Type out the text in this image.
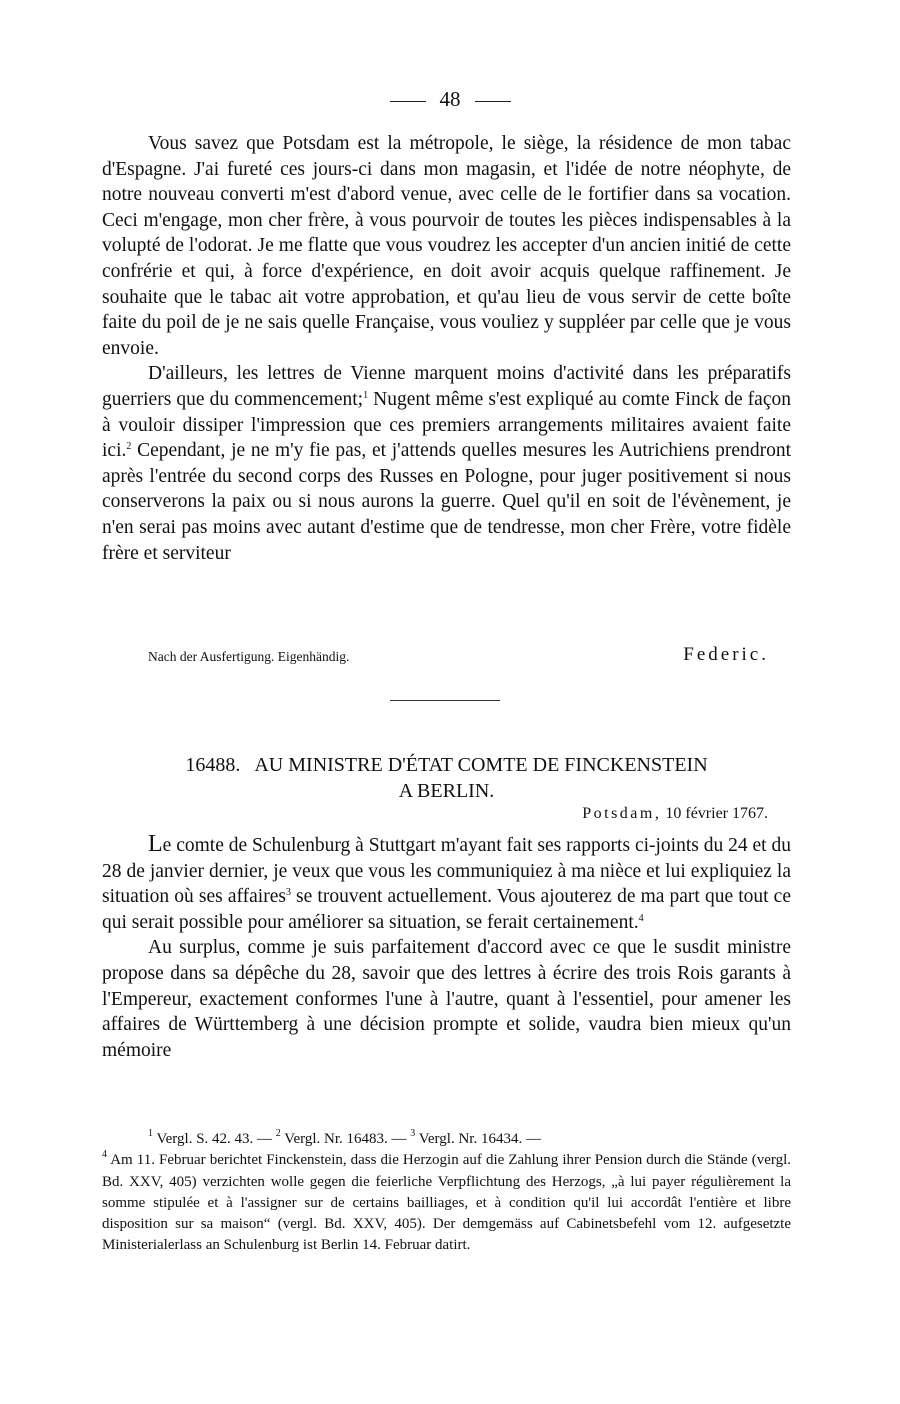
48

Vous savez que Potsdam est la métropole, le siège, la résidence de mon tabac d'Espagne. J'ai fureté ces jours-ci dans mon magasin, et l'idée de notre néophyte, de notre nouveau converti m'est d'abord venue, avec celle de le fortifier dans sa vocation. Ceci m'engage, mon cher frère, à vous pourvoir de toutes les pièces indispensables à la volupté de l'odorat. Je me flatte que vous voudrez les accepter d'un ancien initié de cette confrérie et qui, à force d'expérience, en doit avoir acquis quelque raffinement. Je souhaite que le tabac ait votre approbation, et qu'au lieu de vous servir de cette boîte faite du poil de je ne sais quelle Française, vous vouliez y suppléer par celle que je vous envoie.

D'ailleurs, les lettres de Vienne marquent moins d'activité dans les préparatifs guerriers que du commencement;$^1$ Nugent même s'est expliqué au comte Finck de façon à vouloir dissiper l'impression que ces premiers arrangements militaires avaient faite ici.$^2$ Cependant, je ne m'y fie pas, et j'attends quelles mesures les Autrichiens prendront après l'entrée du second corps des Russes en Pologne, pour juger positivement si nous conserverons la paix ou si nous aurons la guerre. Quel qu'il en soit de l'évènement, je n'en serai pas moins avec autant d'estime que de tendresse, mon cher Frère, votre fidèle frère et serviteur

Nach der Ausfertigung. Eigenhändig.	Federic.
16488. AU MINISTRE D'ÉTAT COMTE DE FINCKENSTEIN
A BERLIN.
Potsdam, 10 février 1767.

Le comte de Schulenburg à Stuttgart m'ayant fait ses rapports ci-joints du 24 et du 28 de janvier dernier, je veux que vous les communiquiez à ma nièce et lui expliquiez la situation où ses affaires$^3$ se trouvent actuellement. Vous ajouterez de ma part que tout ce qui serait possible pour améliorer sa situation, se ferait certainement.$^4$

Au surplus, comme je suis parfaitement d'accord avec ce que le susdit ministre propose dans sa dépêche du 28, savoir que des lettres à écrire des trois Rois garants à l'Empereur, exactement conformes l'une à l'autre, quant à l'essentiel, pour amener les affaires de Württemberg à une décision prompte et solide, vaudra bien mieux qu'un mémoire

$^1$ Vergl. S. 42. 43. — $^2$ Vergl. Nr. 16483. — $^3$ Vergl. Nr. 16434. —

$^4$ Am 11. Februar berichtet Finckenstein, dass die Herzogin auf die Zahlung ihrer Pension durch die Stände (vergl. Bd. XXV, 405) verzichten wolle gegen die feierliche Verpflichtung des Herzogs, „à lui payer régulièrement la somme stipulée et à l'assigner sur de certains bailliages, et à condition qu'il lui accordât l'entière et libre disposition sur sa maison“ (vergl. Bd. XXV, 405). Der demgemäss auf Cabinetsbefehl vom 12. aufgesetzte Ministerialerlass an Schulenburg ist Berlin 14. Februar datirt.
